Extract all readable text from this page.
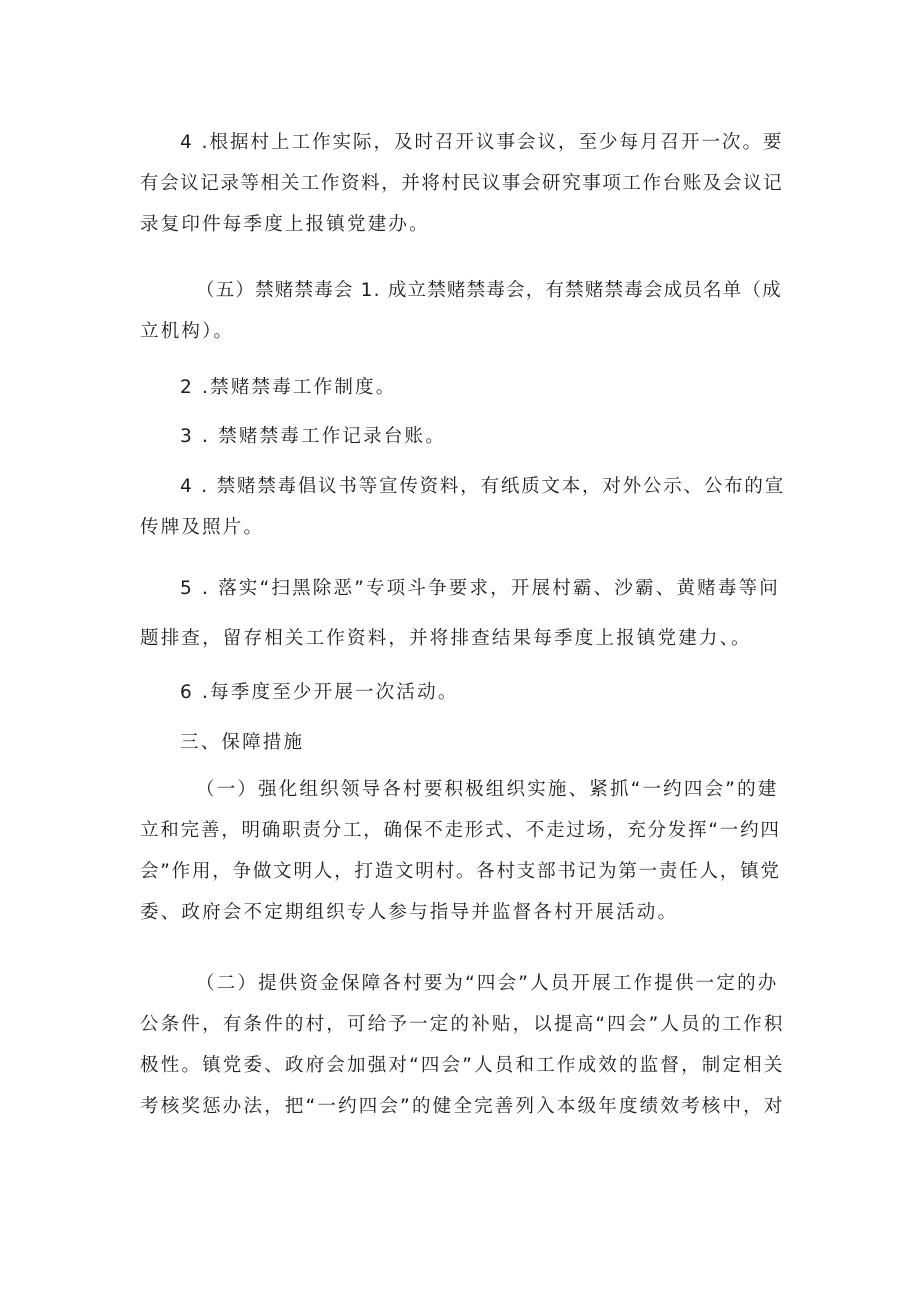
4 .根据村上工作实际，及时召开议事会议，至少每月召开一次。要
有会议记录等相关工作资料，并将村民议事会研究事项工作台账及会议记
录复印件每季度上报镇党建办。

（五）禁赌禁毒会 1. 成立禁赌禁毒会，有禁赌禁毒会成员名单（成
立机构）。

2 .禁赌禁毒工作制度。

3 . 禁赌禁毒工作记录台账。

4 . 禁赌禁毒倡议书等宣传资料，有纸质文本，对外公示、公布的宣
传牌及照片。

5 . 落实“扫黑除恶”专项斗争要求，开展村霸、沙霸、黄赌毒等问
题排查，留存相关工作资料，并将排查结果每季度上报镇党建力、。

6 .每季度至少开展一次活动。

三、保障措施

（一）强化组织领导各村要积极组织实施、紧抓“一约四会”的建
立和完善，明确职责分工，确保不走形式、不走过场，充分发挥“一约四
会”作用，争做文明人，打造文明村。各村支部书记为第一责任人，镇党
委、政府会不定期组织专人参与指导并监督各村开展活动。

（二）提供资金保障各村要为“四会”人员开展工作提供一定的办
公条件，有条件的村，可给予一定的补贴，以提高“四会”人员的工作积
极性。镇党委、政府会加强对“四会”人员和工作成效的监督，制定相关
考核奖惩办法，把“一约四会”的健全完善列入本级年度绩效考核中，对
